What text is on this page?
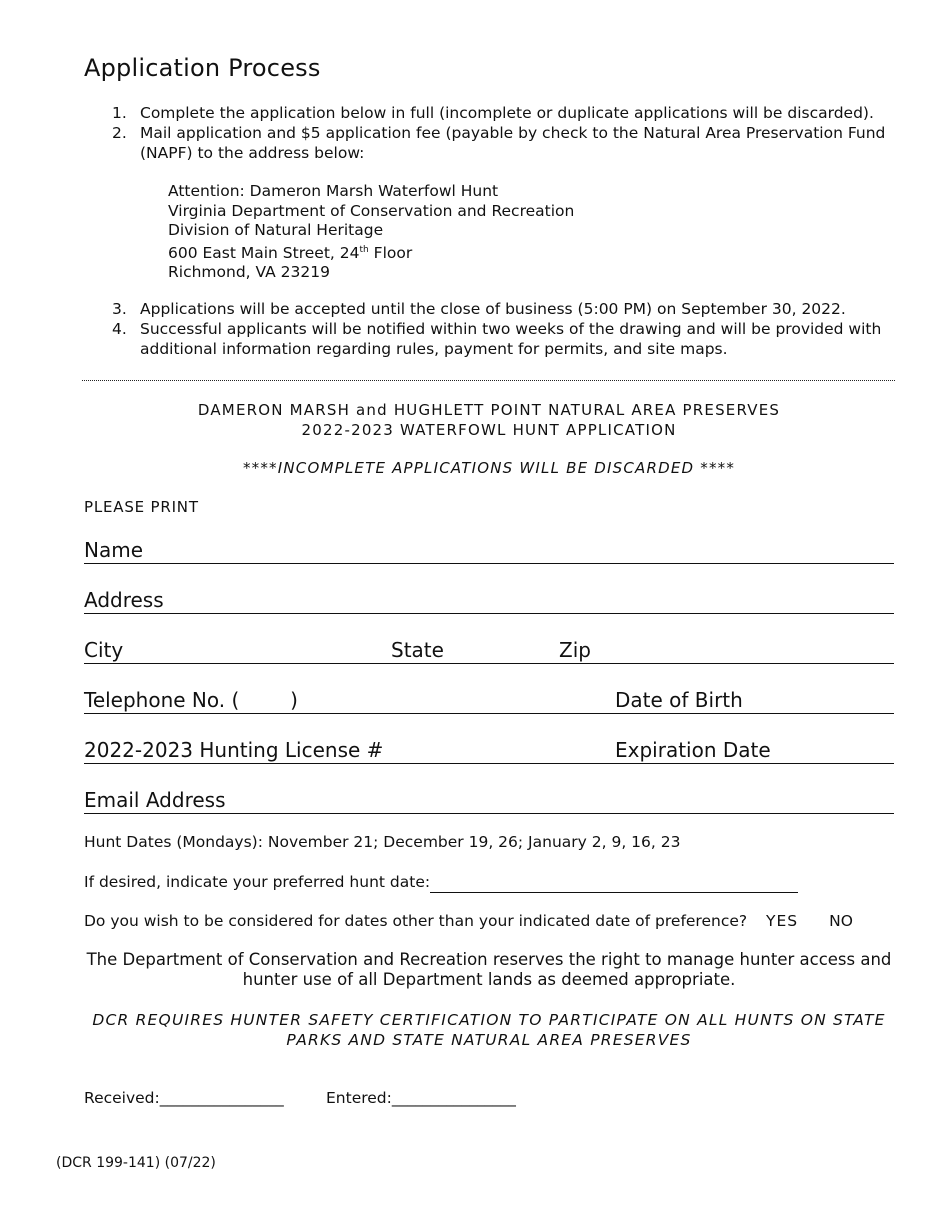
Application Process
1. Complete the application below in full (incomplete or duplicate applications will be discarded).
2. Mail application and $5 application fee (payable by check to the Natural Area Preservation Fund
(NAPF) to the address below:
Attention: Dameron Marsh Waterfowl Hunt
Virginia Department of Conservation and Recreation
Division of Natural Heritage
600 East Main Street, 24th Floor
Richmond, VA 23219
3. Applications will be accepted until the close of business (5:00 PM) on September 30, 2022.
4. Successful applicants will be notified within two weeks of the drawing and will be provided with
additional information regarding rules, payment for permits, and site maps.
DAMERON MARSH and HUGHLETT POINT NATURAL AREA PRESERVES
2022-2023 WATERFOWL HUNT APPLICATION
****INCOMPLETE APPLICATIONS WILL BE DISCARDED ****
PLEASE PRINT
Name
Address
City	State	Zip
Telephone No. (        )	Date of Birth
2022-2023 Hunting License #	Expiration Date
Email Address
Hunt Dates (Mondays): November 21; December 19, 26; January 2, 9, 16, 23
If desired, indicate your preferred hunt date:
Do you wish to be considered for dates other than your indicated date of preference? YES NO
The Department of Conservation and Recreation reserves the right to manage hunter access and
hunter use of all Department lands as deemed appropriate.
DCR REQUIRES HUNTER SAFETY CERTIFICATION TO PARTICIPATE ON ALL HUNTS ON STATE
PARKS AND STATE NATURAL AREA PRESERVES
Received:________________	Entered:________________
(DCR 199-141) (07/22)
